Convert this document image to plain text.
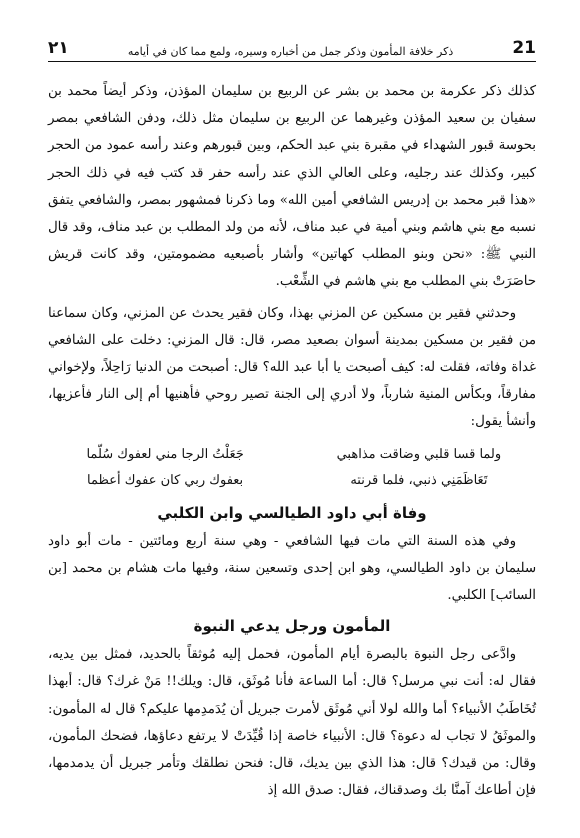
21
ذكر خلافة المأمون وذكر جمل من أخباره وسيره، ولمع مما كان في أيامه
٢١

كذلك ذكر عكرمة بن محمد بن بشر عن الربيع بن سليمان المؤذن، وذكر أيضاً محمد بن سفيان بن سعيد المؤذن وغيرهما عن الربيع بن سليمان مثل ذلك، ودفن الشافعي بمصر بحوسة قبور الشهداء في مقبرة بني عبد الحكم، وبين قبورهم وعند رأسه عمود من الحجر كبير، وكذلك عند رجليه، وعلى العالي الذي عند رأسه حفر قد كتب فيه في ذلك الحجر «هذا قبر محمد بن إدريس الشافعي أمين الله» وما ذكرنا فمشهور بمصر، والشافعي يتفق نسبه مع بني هاشم وبني أمية في عبد مناف، لأنه من ولد المطلب بن عبد مناف، وقد قال النبي ﷺ: «نحن وبنو المطلب كهاتين» وأشار بأصبعيه مضمومتين، وقد كانت قريش حاصَرَتْ بني المطلب مع بني هاشم في الشِّعْب.

وحدثني فقير بن مسكين عن المزني بهذا، وكان فقير يحدث عن المزني، وكان سماعنا من فقير بن مسكين بمدينة أسوان بصعيد مصر، قال: قال المزني: دخلت على الشافعي غداة وفاته، فقلت له: كيف أصبحت يا أبا عبد الله؟ قال: أصبحت من الدنيا رَاحِلاً، ولإخواني مفارقاً، وبكأس المنية شارباً، ولا أدري إلى الجنة تصير روحي فأهنيها أم إلى النار فأعزيها، وأنشأ يقول:

ولما قسا قلبي وضاقت مذاهبي
جَعَلْتُ الرجا مني لعفوك سُلّما
تَعَاظَمَنِي ذنبي، فلما قرنته
بعفوك ربي كان عفوك أعظما
وفاة أبي داود الطيالسي وابن الكلبي

وفي هذه السنة التي مات فيها الشافعي - وهي سنة أربع ومائتين - مات أبو داود سليمان بن داود الطيالسي، وهو ابن إحدى وتسعين سنة، وفيها مات هشام بن محمد [بن السائب] الكلبي.

المأمون ورجل يدعي النبوة

وادَّعى رجل النبوة بالبصرة أيام المأمون، فحمل إليه مُوثقاً بالحديد، فمثل بين يديه، فقال له: أنت نبي مرسل؟ قال: أما الساعة فأنا مُوثَق، قال: ويلك!! مَنْ غرك؟ قال: أبهذا تُخَاطَبُ الأنبياء؟ أما والله لولا أني مُوثَق لأمرت جبريل أن يُدَمدِمها عليكم؟ قال له المأمون: والموثَقُ لا تجاب له دعوة؟ قال: الأنبياء خاصة إذا قُيِّدَتْ لا يرتفع دعاؤها، فضحك المأمون، وقال: من قيدك؟ قال: هذا الذي بين يديك، قال: فنحن نطلقك وتأمر جبريل أن يدمدمها، فإن أطاعك آمنَّا بك وصدقناك، فقال: صدق الله إذ
